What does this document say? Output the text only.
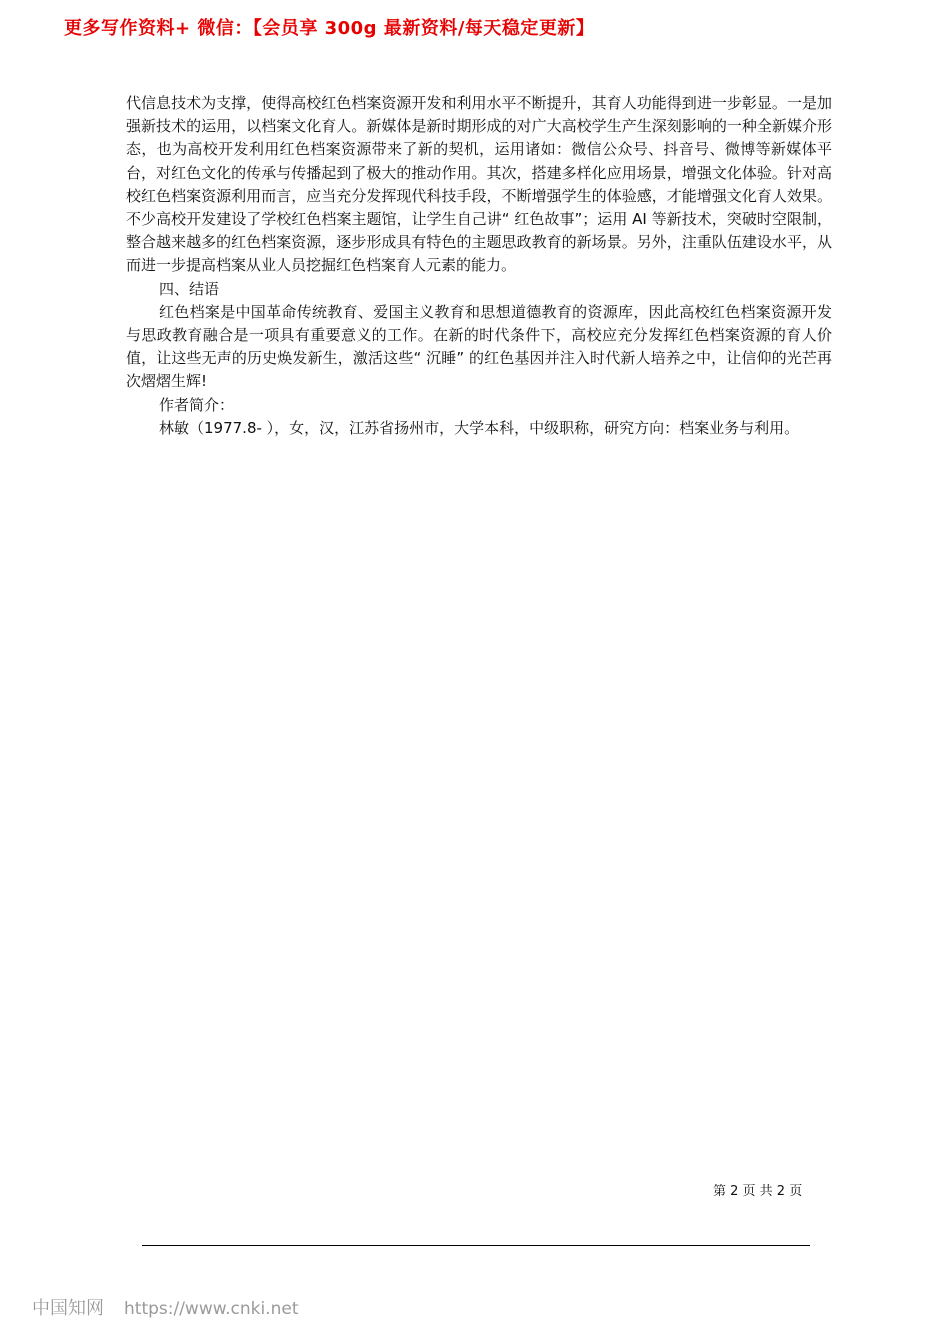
更多写作资料+ 微信：【会员享 300g 最新资料/每天稳定更新】

代信息技术为支撑，使得高校红色档案资源开发和利用水平不断提升，其育人功能得到进一步彰显。一是加强新技术的运用，以档案文化育人。新媒体是新时期形成的对广大高校学生产生深刻影响的一种全新媒介形态，也为高校开发利用红色档案资源带来了新的契机，运用诸如：微信公众号、抖音号、微博等新媒体平台，对红色文化的传承与传播起到了极大的推动作用。其次，搭建多样化应用场景，增强文化体验。针对高校红色档案资源利用而言，应当充分发挥现代科技手段，不断增强学生的体验感，才能增强文化育人效果。不少高校开发建设了学校红色档案主题馆，让学生自己讲“ 红色故事”；运用 AI 等新技术，突破时空限制，整合越来越多的红色档案资源，逐步形成具有特色的主题思政教育的新场景。另外，注重队伍建设水平，从而进一步提高档案从业人员挖掘红色档案育人元素的能力。

四、结语

红色档案是中国革命传统教育、爱国主义教育和思想道德教育的资源库，因此高校红色档案资源开发与思政教育融合是一项具有重要意义的工作。在新的时代条件下，高校应充分发挥红色档案资源的育人价值，让这些无声的历史焕发新生，激活这些“ 沉睡” 的红色基因并注入时代新人培养之中，让信仰的光芒再次熠熠生辉!

作者简介：

林敏（1977.8- ），女，汉，江苏省扬州市，大学本科，中级职称，研究方向：档案业务与利用。

第 2 页 共 2 页
中国知网 https://www.cnki.net
